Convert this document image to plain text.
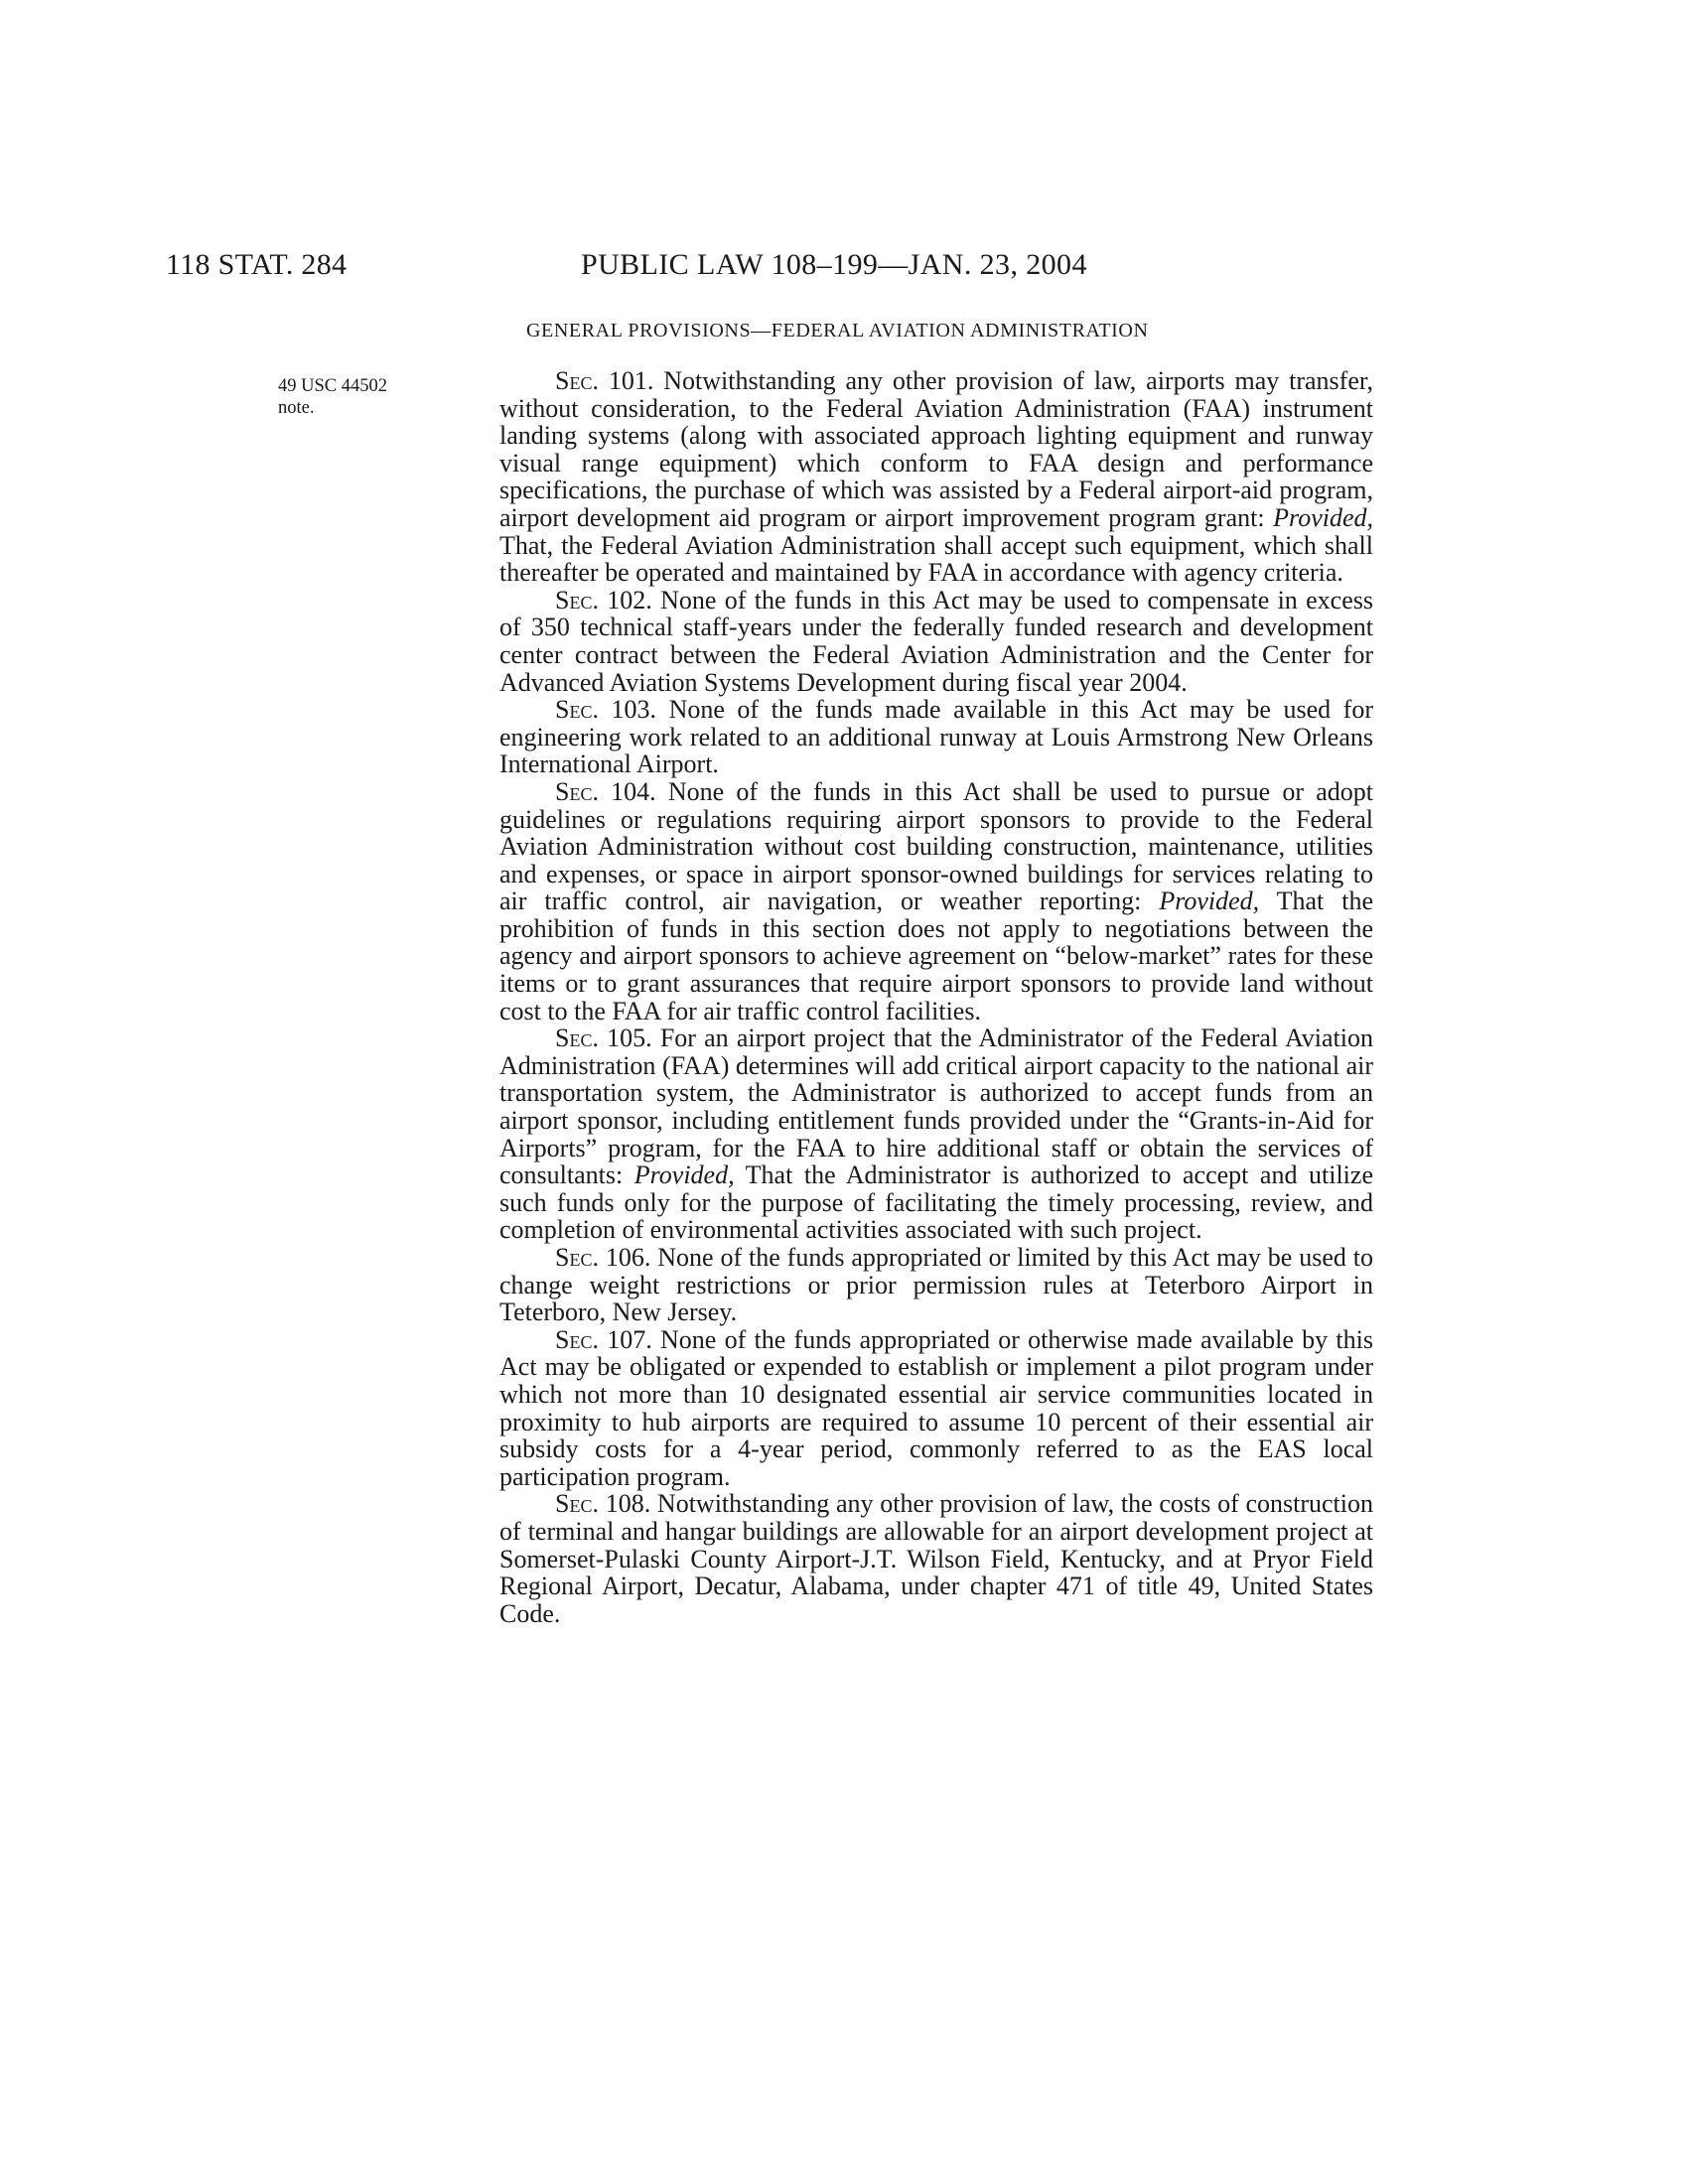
118 STAT. 284	PUBLIC LAW 108–199—JAN. 23, 2004
GENERAL PROVISIONS—FEDERAL AVIATION ADMINISTRATION
49 USC 44502
note.

Sec. 101. Notwithstanding any other provision of law, airports may transfer, without consideration, to the Federal Aviation Administration (FAA) instrument landing systems (along with associated approach lighting equipment and runway visual range equipment) which conform to FAA design and performance specifications, the purchase of which was assisted by a Federal airport-aid program, airport development aid program or airport improvement program grant: Provided, That, the Federal Aviation Administration shall accept such equipment, which shall thereafter be operated and maintained by FAA in accordance with agency criteria.

Sec. 102. None of the funds in this Act may be used to compensate in excess of 350 technical staff-years under the federally funded research and development center contract between the Federal Aviation Administration and the Center for Advanced Aviation Systems Development during fiscal year 2004.

Sec. 103. None of the funds made available in this Act may be used for engineering work related to an additional runway at Louis Armstrong New Orleans International Airport.

Sec. 104. None of the funds in this Act shall be used to pursue or adopt guidelines or regulations requiring airport sponsors to provide to the Federal Aviation Administration without cost building construction, maintenance, utilities and expenses, or space in airport sponsor-owned buildings for services relating to air traffic control, air navigation, or weather reporting: Provided, That the prohibition of funds in this section does not apply to negotiations between the agency and airport sponsors to achieve agreement on “below-market” rates for these items or to grant assurances that require airport sponsors to provide land without cost to the FAA for air traffic control facilities.

Sec. 105. For an airport project that the Administrator of the Federal Aviation Administration (FAA) determines will add critical airport capacity to the national air transportation system, the Administrator is authorized to accept funds from an airport sponsor, including entitlement funds provided under the “Grants-in-Aid for Airports” program, for the FAA to hire additional staff or obtain the services of consultants: Provided, That the Administrator is authorized to accept and utilize such funds only for the purpose of facilitating the timely processing, review, and completion of environmental activities associated with such project.

Sec. 106. None of the funds appropriated or limited by this Act may be used to change weight restrictions or prior permission rules at Teterboro Airport in Teterboro, New Jersey.

Sec. 107. None of the funds appropriated or otherwise made available by this Act may be obligated or expended to establish or implement a pilot program under which not more than 10 designated essential air service communities located in proximity to hub airports are required to assume 10 percent of their essential air subsidy costs for a 4-year period, commonly referred to as the EAS local participation program.

Sec. 108. Notwithstanding any other provision of law, the costs of construction of terminal and hangar buildings are allowable for an airport development project at Somerset-Pulaski County Airport-J.T. Wilson Field, Kentucky, and at Pryor Field Regional Airport, Decatur, Alabama, under chapter 471 of title 49, United States Code.
